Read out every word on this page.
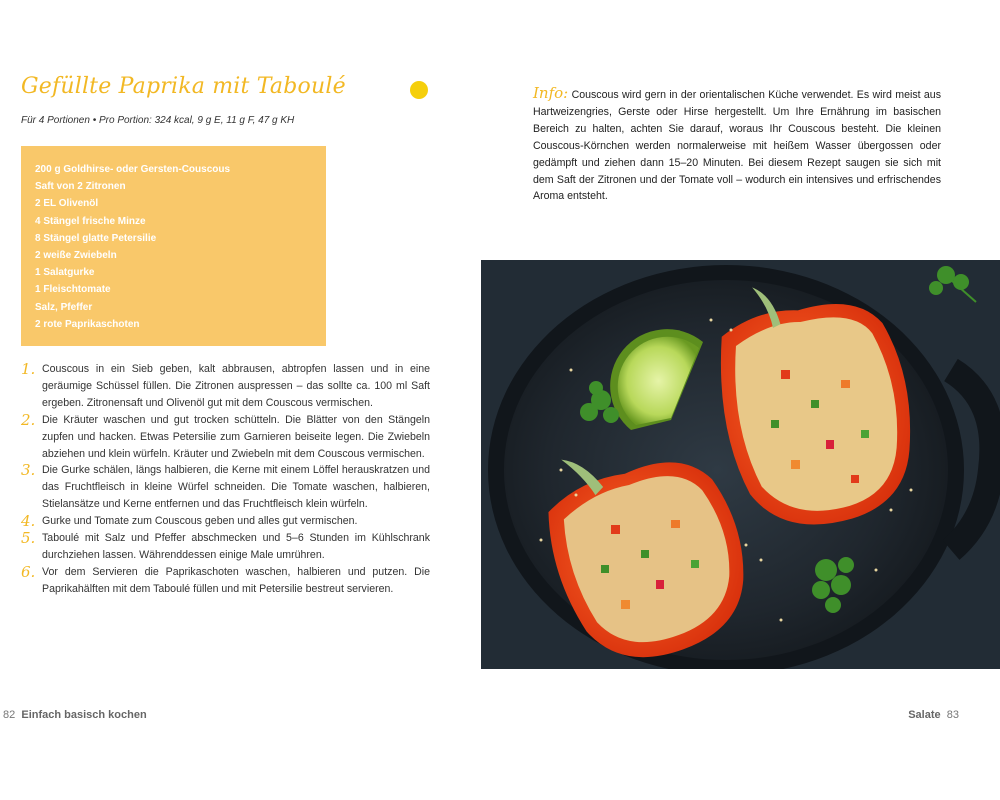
Gefüllte Paprika mit Taboulé
Für 4 Portionen • Pro Portion: 324 kcal, 9 g E, 11 g F, 47 g KH
200 g Goldhirse- oder Gersten-Couscous
Saft von 2 Zitronen
2 EL Olivenöl
4 Stängel frische Minze
8 Stängel glatte Petersilie
2 weiße Zwiebeln
1 Salatgurke
1 Fleischtomate
Salz, Pfeffer
2 rote Paprikaschoten
1. Couscous in ein Sieb geben, kalt abbrausen, abtropfen lassen und in eine geräumige Schüssel füllen. Die Zitronen auspressen – das sollte ca. 100 ml Saft ergeben. Zitronensaft und Olivenöl gut mit dem Couscous vermischen.
2. Die Kräuter waschen und gut trocken schütteln. Die Blätter von den Stängeln zupfen und hacken. Etwas Petersilie zum Garnieren beiseite legen. Die Zwiebeln abziehen und klein würfeln. Kräuter und Zwiebeln mit dem Couscous vermischen.
3. Die Gurke schälen, längs halbieren, die Kerne mit einem Löffel herauskratzen und das Fruchtfleisch in kleine Würfel schneiden. Die Tomate waschen, halbieren, Stielansätze und Kerne entfernen und das Fruchtfleisch klein würfeln.
4. Gurke und Tomate zum Couscous geben und alles gut vermischen.
5. Taboulé mit Salz und Pfeffer abschmecken und 5–6 Stunden im Kühlschrank durchziehen lassen. Währenddessen einige Male umrühren.
6. Vor dem Servieren die Paprikaschoten waschen, halbieren und putzen. Die Paprikahälften mit dem Taboulé füllen und mit Petersilie bestreut servieren.

Info: Couscous wird gern in der orientalischen Küche verwendet. Es wird meist aus Hartweizengries, Gerste oder Hirse hergestellt. Um Ihre Ernährung im basischen Bereich zu halten, achten Sie darauf, woraus Ihr Couscous besteht. Die kleinen Couscous-Körnchen werden normalerweise mit heißem Wasser übergossen oder gedämpft und ziehen dann 15–20 Minuten. Bei diesem Rezept saugen sie sich mit dem Saft der Zitronen und der Tomate voll – wodurch ein intensives und erfrischendes Aroma entsteht.

82 Einfach basisch kochen	Salate 83
